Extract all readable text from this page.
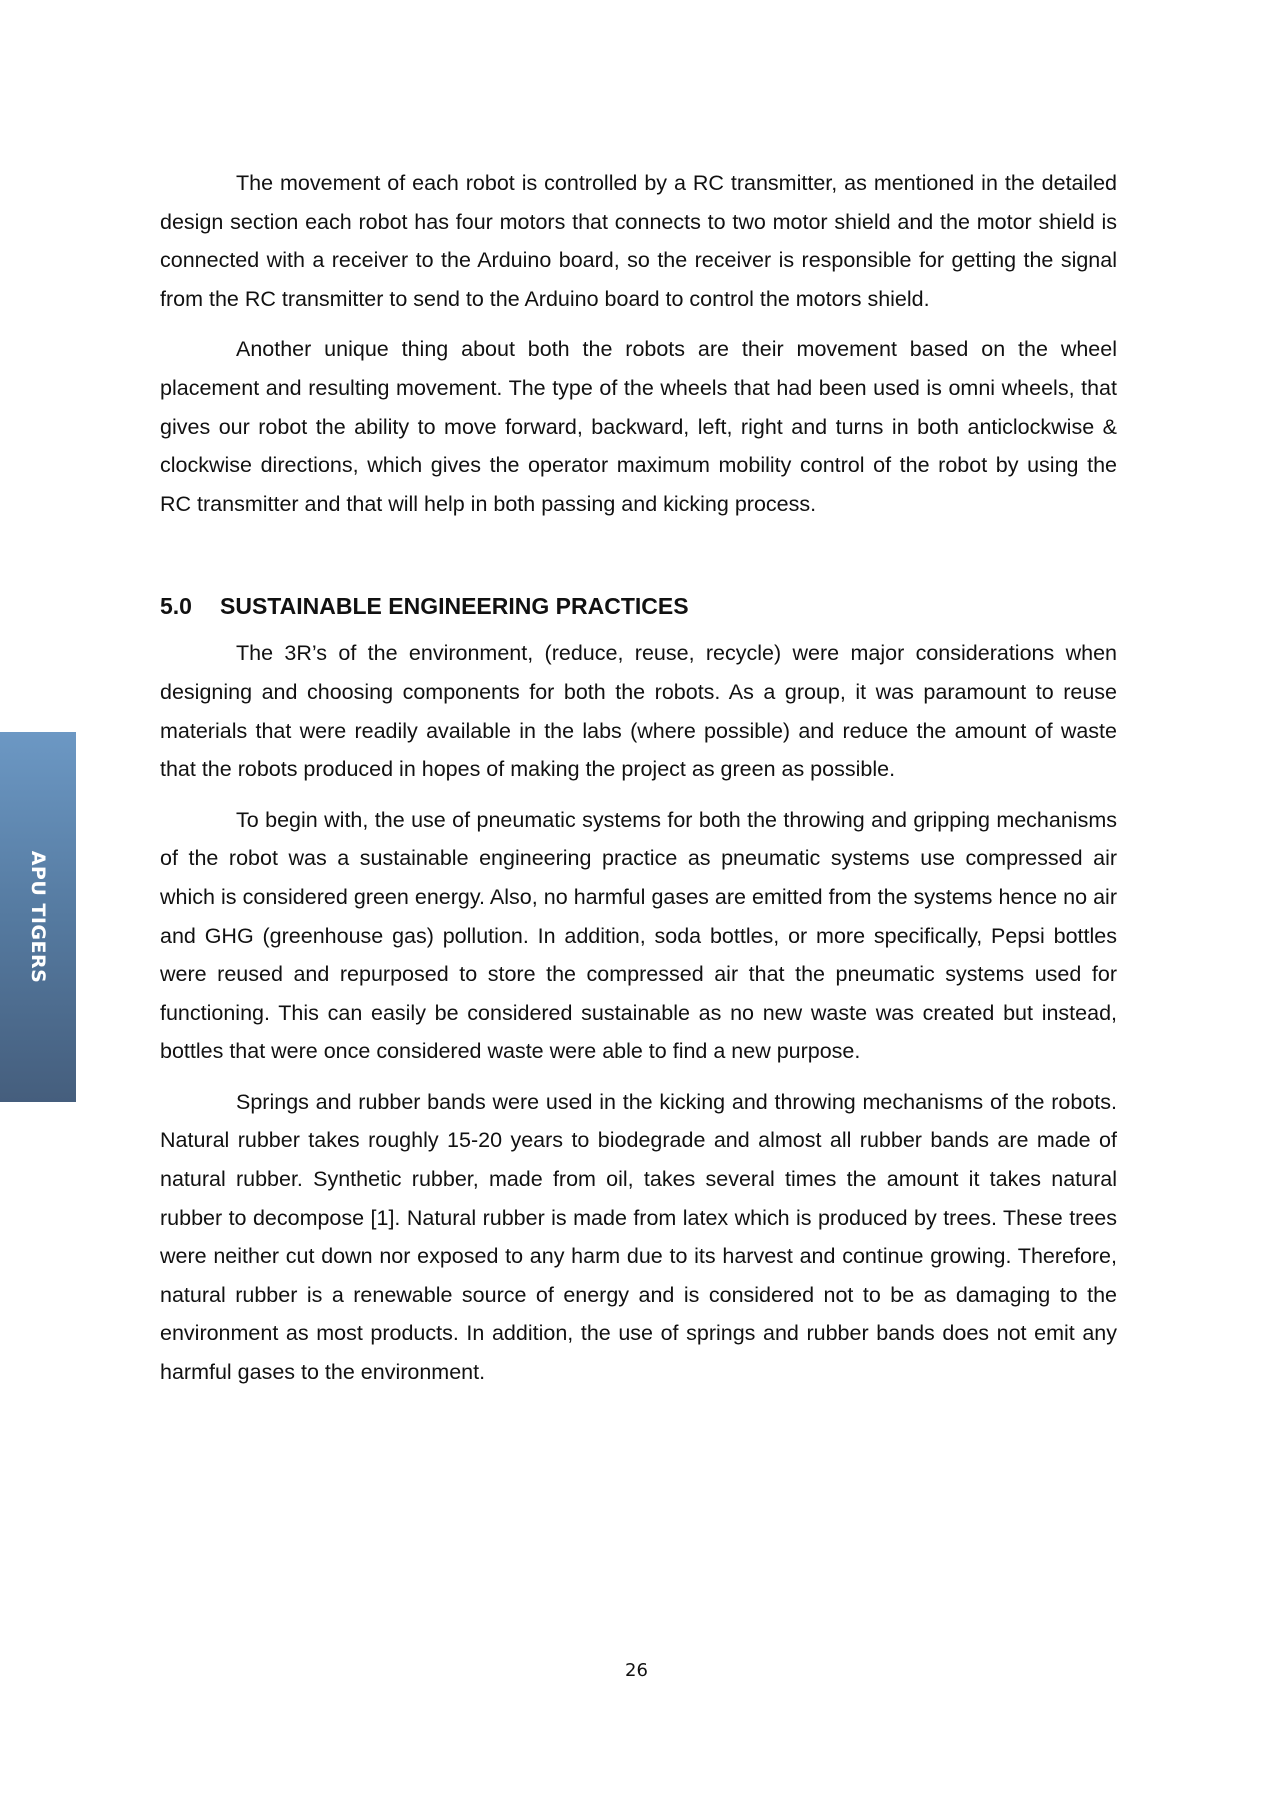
APU TIGERS

The movement of each robot is controlled by a RC transmitter, as mentioned in the detailed design section each robot has four motors that connects to two motor shield and the motor shield is connected with a receiver to the Arduino board, so the receiver is responsible for getting the signal from the RC transmitter to send to the Arduino board to control the motors shield.

Another unique thing about both the robots are their movement based on the wheel placement and resulting movement. The type of the wheels that had been used is omni wheels, that gives our robot the ability to move forward, backward, left, right and turns in both anticlockwise & clockwise directions, which gives the operator maximum mobility control of the robot by using the RC transmitter and that will help in both passing and kicking process.

5.0 SUSTAINABLE ENGINEERING PRACTICES

The 3R’s of the environment, (reduce, reuse, recycle) were major considerations when designing and choosing components for both the robots. As a group, it was paramount to reuse materials that were readily available in the labs (where possible) and reduce the amount of waste that the robots produced in hopes of making the project as green as possible.

To begin with, the use of pneumatic systems for both the throwing and gripping mechanisms of the robot was a sustainable engineering practice as pneumatic systems use compressed air which is considered green energy. Also, no harmful gases are emitted from the systems hence no air and GHG (greenhouse gas) pollution. In addition, soda bottles, or more specifically, Pepsi bottles were reused and repurposed to store the compressed air that the pneumatic systems used for functioning. This can easily be considered sustainable as no new waste was created but instead, bottles that were once considered waste were able to find a new purpose.

Springs and rubber bands were used in the kicking and throwing mechanisms of the robots. Natural rubber takes roughly 15-20 years to biodegrade and almost all rubber bands are made of natural rubber. Synthetic rubber, made from oil, takes several times the amount it takes natural rubber to decompose [1]. Natural rubber is made from latex which is produced by trees. These trees were neither cut down nor exposed to any harm due to its harvest and continue growing. Therefore, natural rubber is a renewable source of energy and is considered not to be as damaging to the environment as most products. In addition, the use of springs and rubber bands does not emit any harmful gases to the environment.

26
